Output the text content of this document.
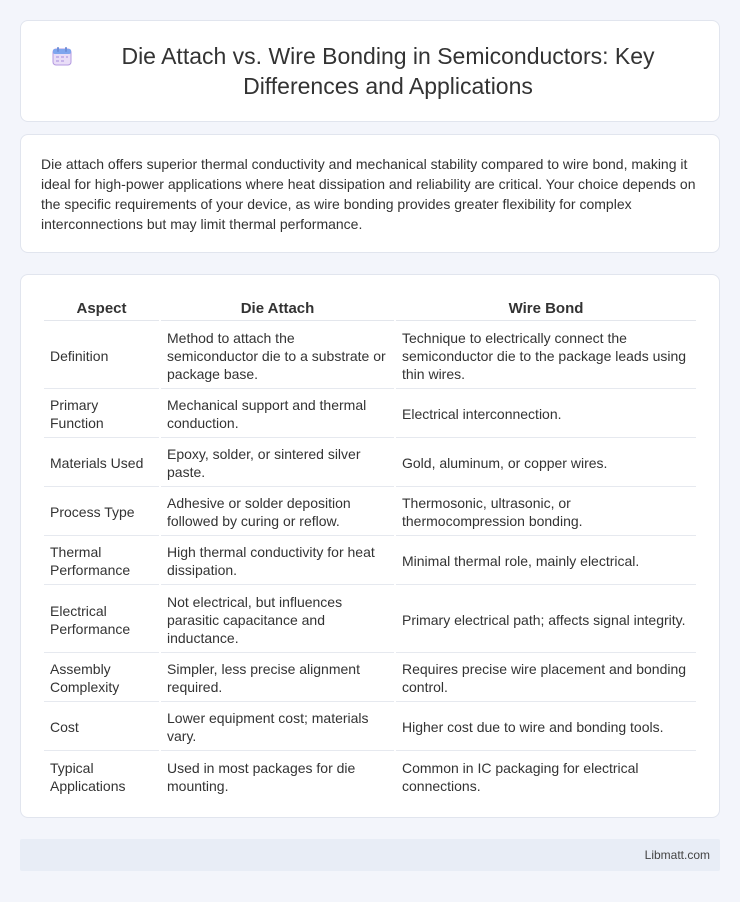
Die Attach vs. Wire Bonding in Semiconductors: Key Differences and Applications

Die attach offers superior thermal conductivity and mechanical stability compared to wire bond, making it ideal for high-power applications where heat dissipation and reliability are critical. Your choice depends on the specific requirements of your device, as wire bonding provides greater flexibility for complex interconnections but may limit thermal performance.

Aspect	Die Attach	Wire Bond
Definition	Method to attach the semiconductor die to a substrate or package base.	Technique to electrically connect the semiconductor die to the package leads using thin wires.
Primary Function	Mechanical support and thermal conduction.	Electrical interconnection.
Materials Used	Epoxy, solder, or sintered silver paste.	Gold, aluminum, or copper wires.
Process Type	Adhesive or solder deposition followed by curing or reflow.	Thermosonic, ultrasonic, or thermocompression bonding.
Thermal Performance	High thermal conductivity for heat dissipation.	Minimal thermal role, mainly electrical.
Electrical Performance	Not electrical, but influences parasitic capacitance and inductance.	Primary electrical path; affects signal integrity.
Assembly Complexity	Simpler, less precise alignment required.	Requires precise wire placement and bonding control.
Cost	Lower equipment cost; materials vary.	Higher cost due to wire and bonding tools.
Typical Applications	Used in most packages for die mounting.	Common in IC packaging for electrical connections.
Libmatt.com
